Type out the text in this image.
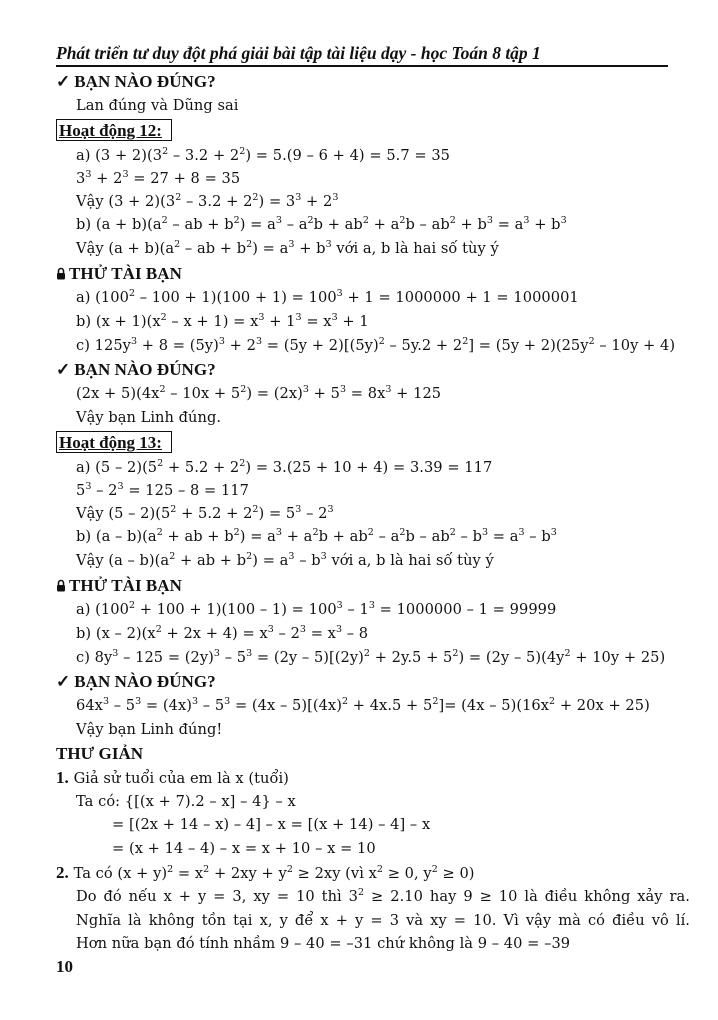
Phát triển tư duy đột phá giải bài tập tài liệu dạy - học Toán 8 tập 1
✓ BẠN NÀO ĐÚNG?
Lan đúng và Dũng sai
Hoạt động 12:
a) $(3 + 2)(3^2 - 3.2 + 2^2) = 5.(9 - 6 + 4) = 5.7 = 35$
$3^3 + 2^3 = 27 + 8 = 35$
Vậy $(3 + 2)(3^2 - 3.2 + 2^2) = 3^3 + 2^3$
b) $(a + b)(a^2$ – ab + $b^2) = a^3 - a^2b + ab^2 + a^2b - ab^2 + b^3 = a^3 + b^3$
Vậy $(a + b)(a^2$ – ab + $b^2) = a^3 + b^3$ với a, b là hai số tùy ý
THỬ TÀI BẠN
a) $(100^2 - 100 + 1)(100 + 1) = 100^3 + 1 = 1000000 + 1 = 1000001$
b) $(x + 1)(x^2 - x + 1) = x^3 + 1^3 = x^3 + 1$
c) $125y^3 + 8 = (5y)^3 + 2^3 = (5y + 2)[(5y)^2 - 5y.2 + 2^2] = (5y + 2)(25y^2 - 10y + 4)$
✓ BẠN NÀO ĐÚNG?
$(2x + 5)(4x^2 - 10x + 5^2) = (2x)^3 + 5^3 = 8x^3 + 125$
Vậy bạn Linh đúng.
Hoạt động 13:
a) $(5 - 2)(5^2 + 5.2 + 2^2) = 3.(25 + 10 + 4) = 3.39 = 117$
$5^3 - 2^3 = 125 - 8 = 117$
Vậy $(5 - 2)(5^2 + 5.2 + 2^2) = 5^3 - 2^3$
b) $(a - b)(a^2$ + ab + $b^2) = a^3 + a^2b + ab^2 - a^2b - ab^2 - b^3 = a^3 - b^3$
Vậy $(a - b)(a^2$ + ab + $b^2) = a^3 - b^3$ với a, b là hai số tùy ý
THỬ TÀI BẠN
a) $(100^2 + 100 + 1)(100 - 1) = 100^3 - 1^3 = 1000000 - 1 = 99999$
b) $(x - 2)(x^2 + 2x + 4) = x^3 - 2^3 = x^3 - 8$
c) $8y^3 - 125 = (2y)^3 - 5^3 = (2y - 5)[(2y)^2 + 2y.5 + 5^2) = (2y - 5)(4y^2 + 10y + 25)$
✓ BẠN NÀO ĐÚNG?
$64x^3 - 5^3 = (4x)^3 - 5^3 = (4x - 5)[(4x)^2 + 4x.5 + 5^2]= (4x - 5)(16x^2 + 20x + 25)$
Vậy bạn Linh đúng!
THƯ GIẢN
1. Giả sử tuổi của em là x (tuổi)
Ta có: {[(x + 7).2 – x] – 4} – x
= [(2x + 14 – x) – 4] – x = [(x + 14) – 4] – x
= (x + 14 – 4) – x = x + 10 – x = 10
2. Ta có $(x + y)^2 = x^2 + 2xy + y^2 \ge 2xy$ (vì $x^2 \ge 0$, $y^2 \ge 0$)
Do đó nếu x + y = 3, xy = 10 thì $3^2 \ge 2.10$ hay 9 ≥ 10 là điều không xảy ra.
Nghĩa là không tồn tại x, y để x + y = 3 và xy = 10. Vì vậy mà có điều vô lí.
Hơn nữa bạn đó tính nhầm 9 – 40 = –31 chứ không là 9 – 40 = –39
10
